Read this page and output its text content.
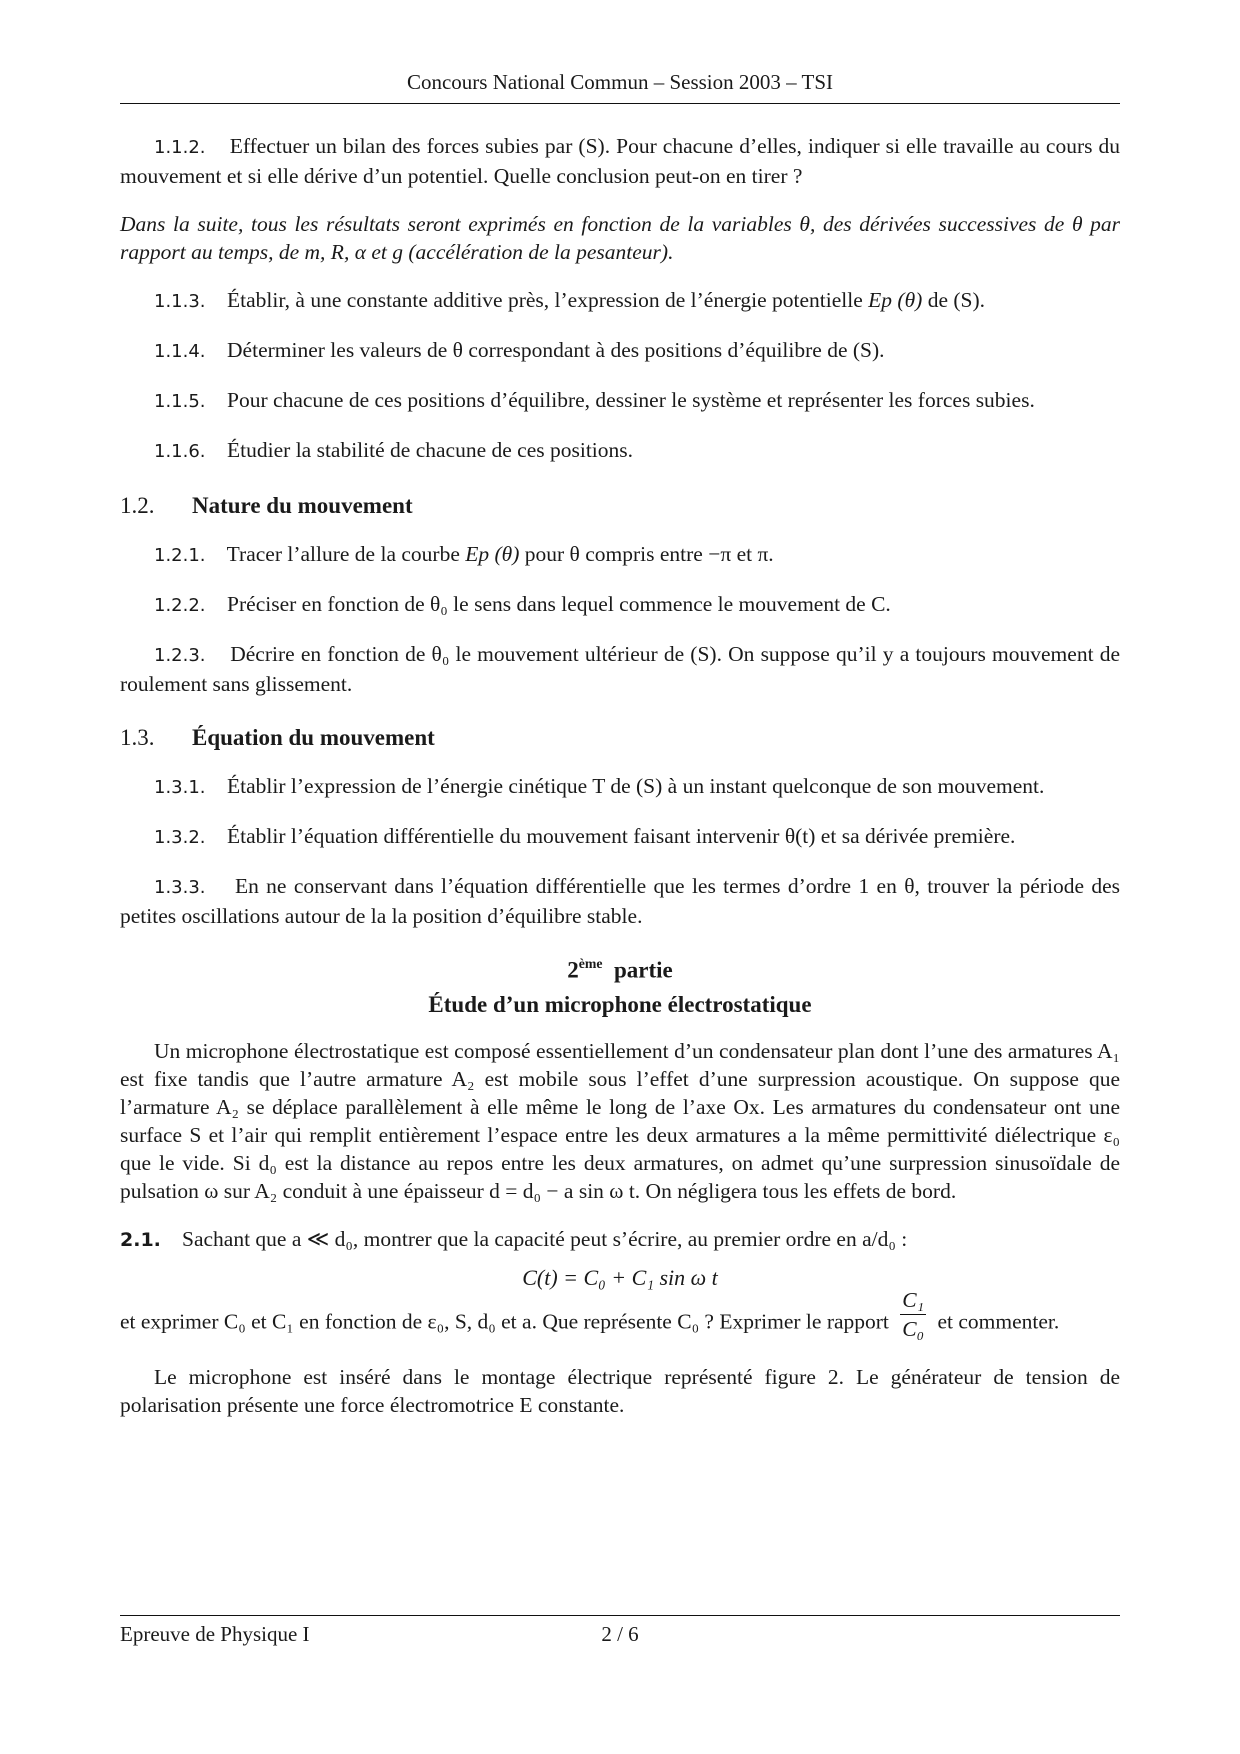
Concours National Commun – Session 2003 – TSI

1.1.2. Effectuer un bilan des forces subies par (S). Pour chacune d’elles, indiquer si elle travaille au cours du mouvement et si elle dérive d’un potentiel. Quelle conclusion peut-on en tirer ?

Dans la suite, tous les résultats seront exprimés en fonction de la variables θ, des dérivées successives de θ par rapport au temps, de m, R, α et g (accélération de la pesanteur).

1.1.3. Établir, à une constante additive près, l’expression de l’énergie potentielle Ep (θ) de (S).

1.1.4. Déterminer les valeurs de θ correspondant à des positions d’équilibre de (S).

1.1.5. Pour chacune de ces positions d’équilibre, dessiner le système et représenter les forces subies.

1.1.6. Étudier la stabilité de chacune de ces positions.

1.2. Nature du mouvement

1.2.1. Tracer l’allure de la courbe Ep (θ) pour θ compris entre −π et π.

1.2.2. Préciser en fonction de θ₀ le sens dans lequel commence le mouvement de C.

1.2.3. Décrire en fonction de θ₀ le mouvement ultérieur de (S). On suppose qu’il y a toujours mouvement de roulement sans glissement.

1.3. Équation du mouvement

1.3.1. Établir l’expression de l’énergie cinétique T de (S) à un instant quelconque de son mouvement.

1.3.2. Établir l’équation différentielle du mouvement faisant intervenir θ(t) et sa dérivée première.

1.3.3. En ne conservant dans l’équation différentielle que les termes d’ordre 1 en θ, trouver la période des petites oscillations autour de la la position d’équilibre stable.

2ème partie
Étude d’un microphone électrostatique

Un microphone électrostatique est composé essentiellement d’un condensateur plan dont l’une des armatures A₁ est fixe tandis que l’autre armature A₂ est mobile sous l’effet d’une surpression acoustique. On suppose que l’armature A₂ se déplace parallèlement à elle même le long de l’axe Ox. Les armatures du condensateur ont une surface S et l’air qui remplit entièrement l’espace entre les deux armatures a la même permittivité diélectrique ε₀ que le vide. Si d₀ est la distance au repos entre les deux armatures, on admet qu’une surpression sinusoïdale de pulsation ω sur A₂ conduit à une épaisseur d = d₀ − a sin ω t. On négligera tous les effets de bord.

2.1. Sachant que a ≪ d₀, montrer que la capacité peut s’écrire, au premier ordre en a/d₀ :

C(t) = C₀ + C₁ sin ω t

et exprimer C₀ et C₁ en fonction de ε₀, S, d₀ et a. Que représente C₀ ? Exprimer le rapport $\frac{\text{C₁}}{\text{C₀}}$ et commenter.

Le microphone est inséré dans le montage électrique représenté figure 2. Le générateur de tension de polarisation présente une force électromotrice E constante.

Epreuve de Physique I	2 / 6
